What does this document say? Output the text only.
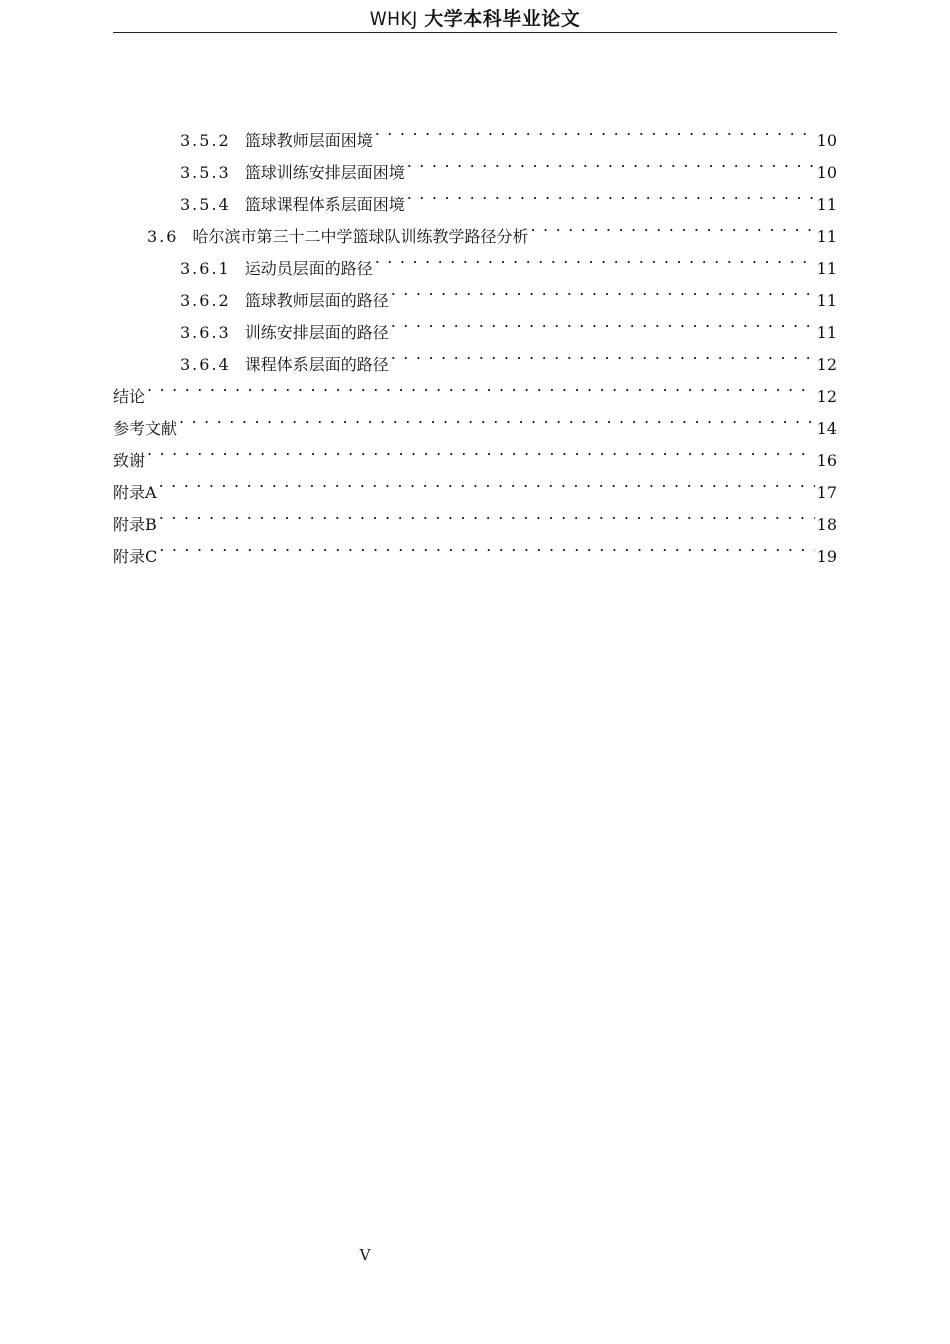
WHKJ 大学本科毕业论文
3.5.2 篮球教师层面困境 . . .	10
3.5.3 篮球训练安排层面困境 . . .	10
3.5.4 篮球课程体系层面困境 . . .	11
3.6 哈尔滨市第三十二中学篮球队训练教学路径分析 . . .	11
3.6.1 运动员层面的路径 . . .	11
3.6.2 篮球教师层面的路径 . . .	11
3.6.3 训练安排层面的路径 . . .	11
3.6.4 课程体系层面的路径 . . .	12
结论 . . .	12
参考文献 . . .	14
致谢 . . .	16
附录A . . .	17
附录B . . .	18
附录C . . .	19
V
